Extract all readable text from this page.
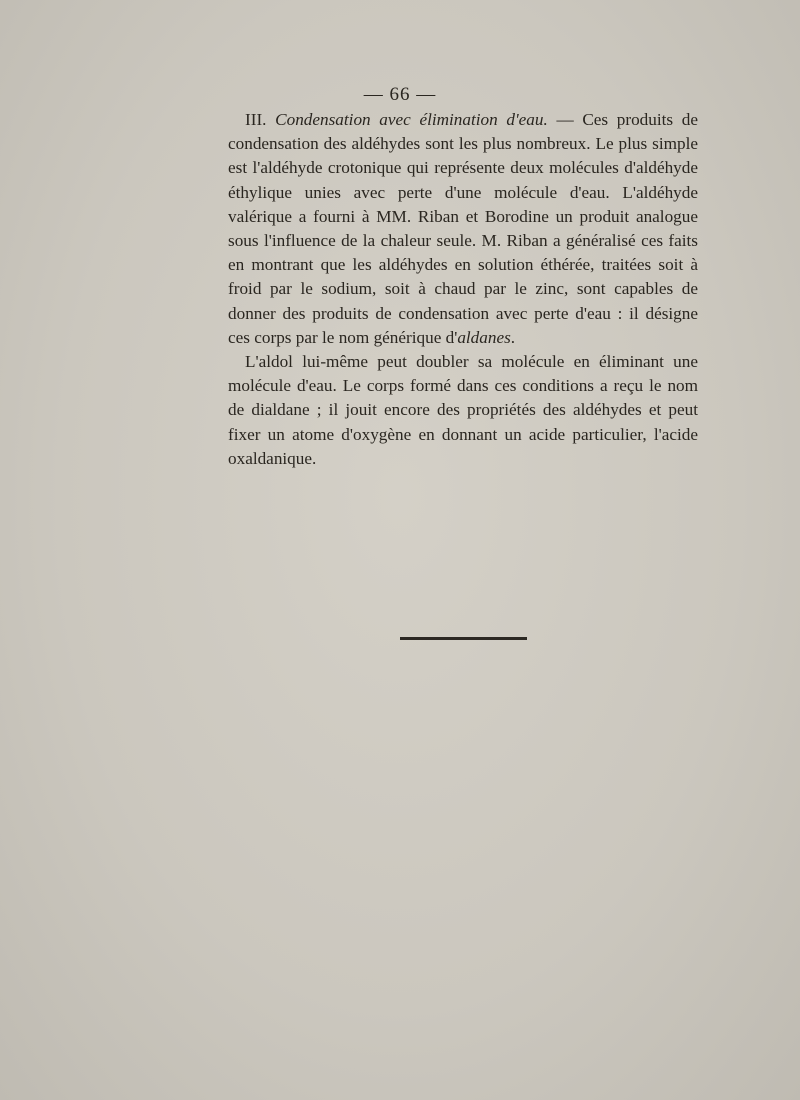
— 66 —

III. Condensation avec élimination d'eau. — Ces produits de condensation des aldéhydes sont les plus nombreux. Le plus simple est l'aldéhyde crotonique qui représente deux molécules d'aldéhyde éthylique unies avec perte d'une molécule d'eau. L'aldéhyde valérique a fourni à MM. Riban et Borodine un produit analogue sous l'influence de la chaleur seule. M. Riban a généralisé ces faits en montrant que les aldéhydes en solution éthérée, traitées soit à froid par le sodium, soit à chaud par le zinc, sont capables de donner des produits de condensation avec perte d'eau : il désigne ces corps par le nom générique d'aldanes.

L'aldol lui-même peut doubler sa molécule en éliminant une molécule d'eau. Le corps formé dans ces conditions a reçu le nom de dialdane ; il jouit encore des propriétés des aldéhydes et peut fixer un atome d'oxygène en donnant un acide particulier, l'acide oxaldanique.
